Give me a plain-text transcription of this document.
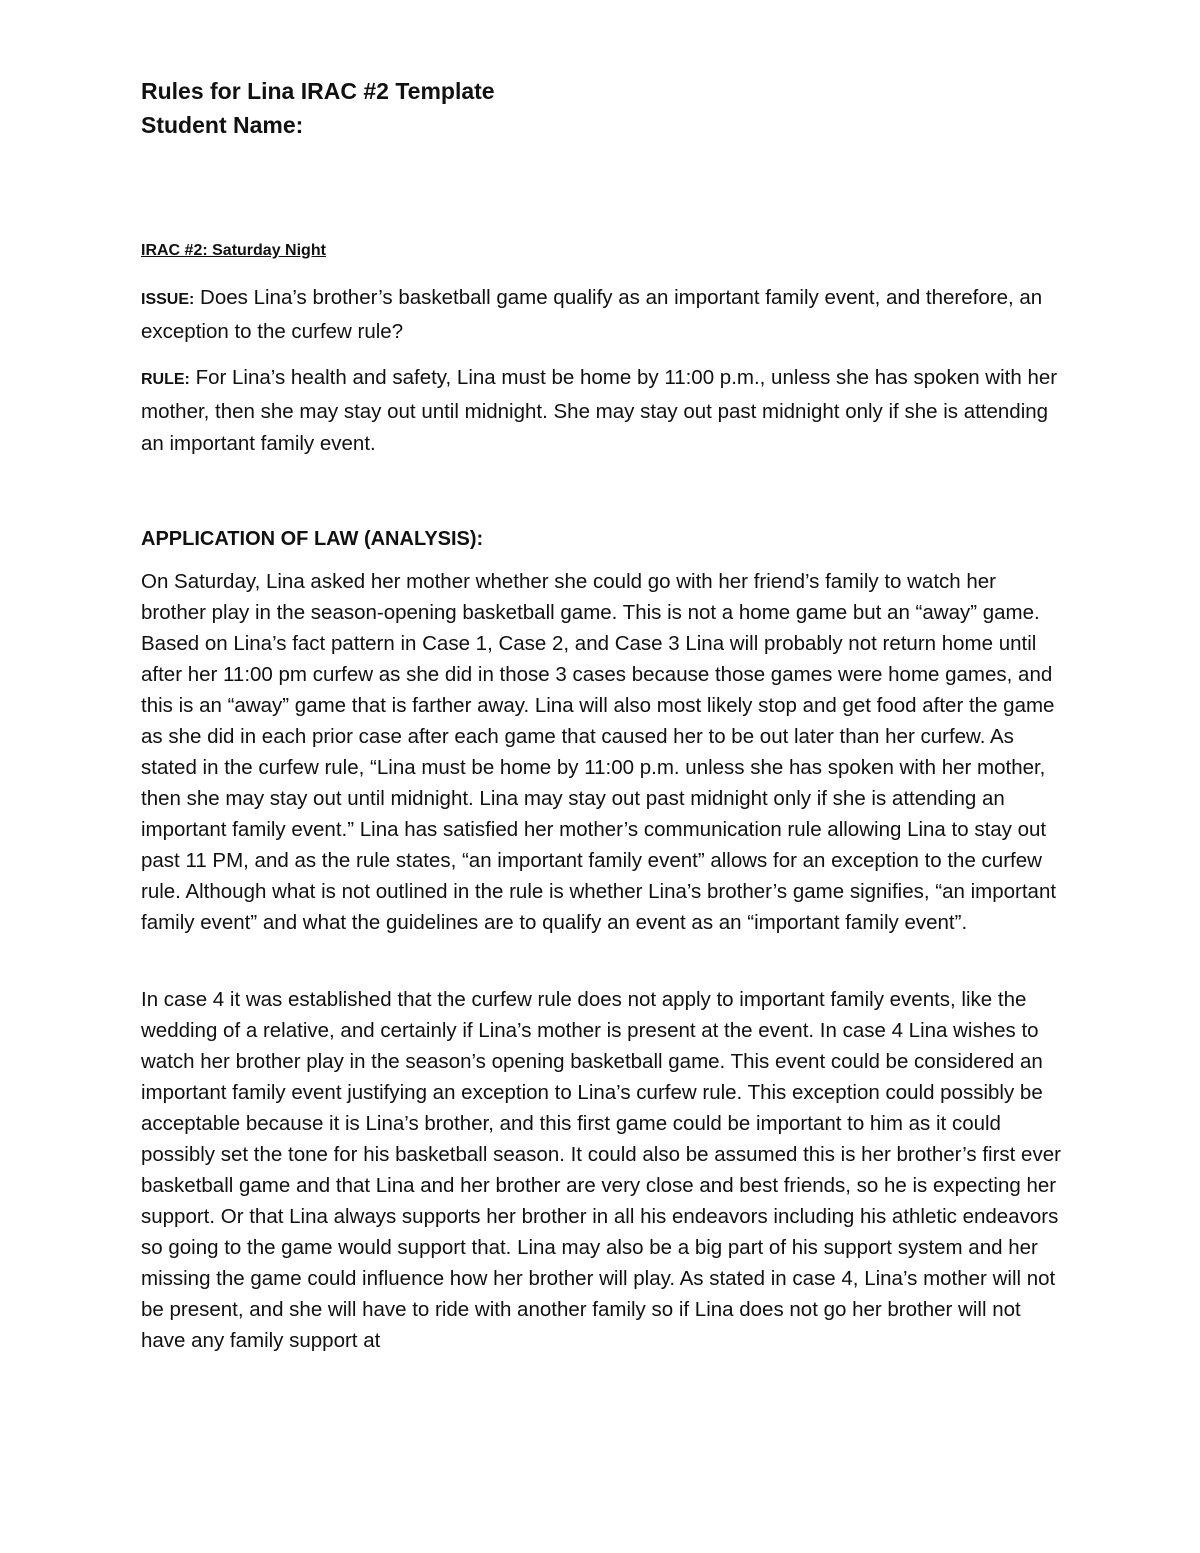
Rules for Lina IRAC #2 Template

Student Name:

IRAC #2: Saturday Night

ISSUE: Does Lina’s brother’s basketball game qualify as an important family event, and therefore, an exception to the curfew rule?

RULE: For Lina’s health and safety, Lina must be home by 11:00 p.m., unless she has spoken with her mother, then she may stay out until midnight. She may stay out past midnight only if she is attending an important family event.

APPLICATION OF LAW (ANALYSIS):

On Saturday, Lina asked her mother whether she could go with her friend’s family to watch her brother play in the season-opening basketball game. This is not a home game but an “away” game. Based on Lina’s fact pattern in Case 1, Case 2, and Case 3 Lina will probably not return home until after her 11:00 pm curfew as she did in those 3 cases because those games were home games, and this is an “away” game that is farther away. Lina will also most likely stop and get food after the game as she did in each prior case after each game that caused her to be out later than her curfew. As stated in the curfew rule, “Lina must be home by 11:00 p.m. unless she has spoken with her mother, then she may stay out until midnight. Lina may stay out past midnight only if she is attending an important family event.” Lina has satisfied her mother’s communication rule allowing Lina to stay out past 11 PM, and as the rule states, “an important family event” allows for an exception to the curfew rule. Although what is not outlined in the rule is whether Lina’s brother’s game signifies, “an important family event” and what the guidelines are to qualify an event as an “important family event”.

In case 4 it was established that the curfew rule does not apply to important family events, like the wedding of a relative, and certainly if Lina’s mother is present at the event. In case 4 Lina wishes to watch her brother play in the season’s opening basketball game. This event could be considered an important family event justifying an exception to Lina’s curfew rule. This exception could possibly be acceptable because it is Lina’s brother, and this first game could be important to him as it could possibly set the tone for his basketball season. It could also be assumed this is her brother’s first ever basketball game and that Lina and her brother are very close and best friends, so he is expecting her support. Or that Lina always supports her brother in all his endeavors including his athletic endeavors so going to the game would support that. Lina may also be a big part of his support system and her missing the game could influence how her brother will play. As stated in case 4, Lina’s mother will not be present, and she will have to ride with another family so if Lina does not go her brother will not have any family support at
